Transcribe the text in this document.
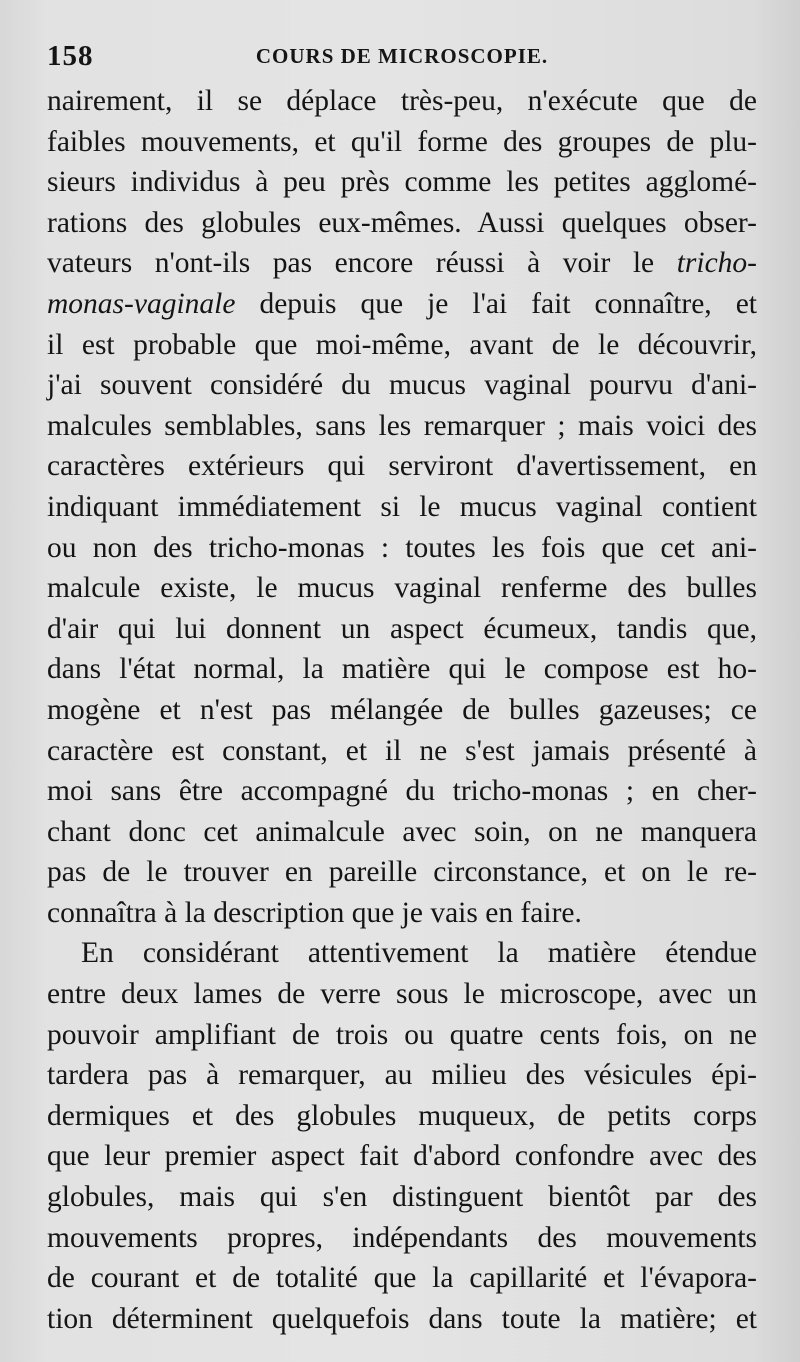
158	COURS DE MICROSCOPIE.
nairement, il se déplace très-peu, n'exécute que de
faibles mouvements, et qu'il forme des groupes de plu-
sieurs individus à peu près comme les petites agglomé-
rations des globules eux-mêmes. Aussi quelques obser-
vateurs n'ont-ils pas encore réussi à voir le tricho-
monas-vaginale depuis que je l'ai fait connaître, et
il est probable que moi-même, avant de le découvrir,
j'ai souvent considéré du mucus vaginal pourvu d'ani-
malcules semblables, sans les remarquer ; mais voici des
caractères extérieurs qui serviront d'avertissement, en
indiquant immédiatement si le mucus vaginal contient
ou non des tricho-monas : toutes les fois que cet ani-
malcule existe, le mucus vaginal renferme des bulles
d'air qui lui donnent un aspect écumeux, tandis que,
dans l'état normal, la matière qui le compose est ho-
mogène et n'est pas mélangée de bulles gazeuses; ce
caractère est constant, et il ne s'est jamais présenté à
moi sans être accompagné du tricho-monas ; en cher-
chant donc cet animalcule avec soin, on ne manquera
pas de le trouver en pareille circonstance, et on le re-
connaîtra à la description que je vais en faire.
En considérant attentivement la matière étendue
entre deux lames de verre sous le microscope, avec un
pouvoir amplifiant de trois ou quatre cents fois, on ne
tardera pas à remarquer, au milieu des vésicules épi-
dermiques et des globules muqueux, de petits corps
que leur premier aspect fait d'abord confondre avec des
globules, mais qui s'en distinguent bientôt par des
mouvements propres, indépendants des mouvements
de courant et de totalité que la capillarité et l'évapora-
tion déterminent quelquefois dans toute la matière; et
